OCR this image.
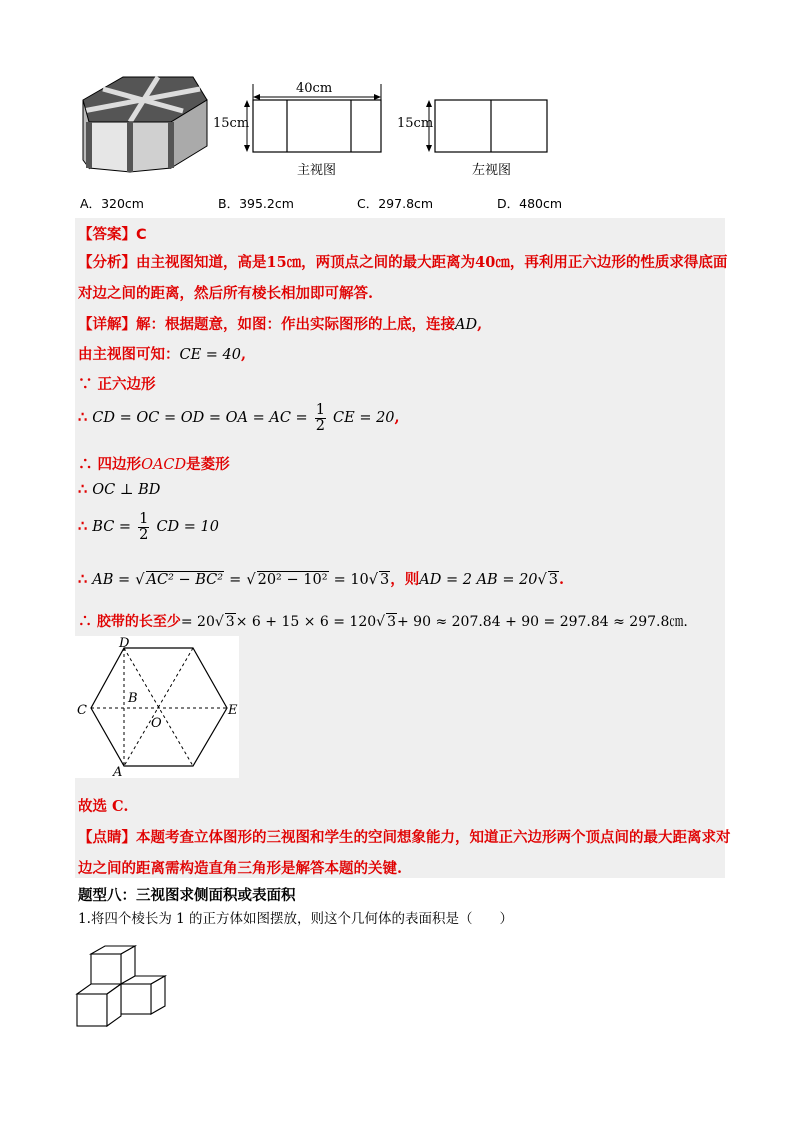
40cm
15cm
主视图
15cm
左视图
A．320cm	B．395.2cm	C．297.8cm	D．480cm
【答案】C
【分析】由主视图知道，高是15㎝，两顶点之间的最大距离为40㎝，再利用正六边形的性质求得底面
对边之间的距离，然后所有棱长相加即可解答.
【详解】解：根据题意，如图：作出实际图形的上底，连接AD,
由主视图可知：CE = 40,
∵ 正六边形
∴ CD = OC = OD = OA = AC = $\frac{1}{2}$ CE = 20,
∴ 四边形OACD是菱形
∴ OC ⊥ BD
∴ BC = $\frac{1}{2}$ CD = 10
∴ AB = √ AC² − BC² = √ 20² − 10² = 10√ 3，则AD = 2 AB = 20√ 3.
∴ 胶带的长至少= 20√ 3× 6 + 15 × 6 = 120√ 3+ 90 ≈ 207.84 + 90 = 297.84 ≈ 297.8㎝.
D
B
C
O
E
A
故选 C.
【点睛】本题考查立体图形的三视图和学生的空间想象能力，知道正六边形两个顶点间的最大距离求对
边之间的距离需构造直角三角形是解答本题的关键.
题型八：三视图求侧面积或表面积
1.将四个棱长为 1 的正方体如图摆放，则这个几何体的表面积是（　　）
